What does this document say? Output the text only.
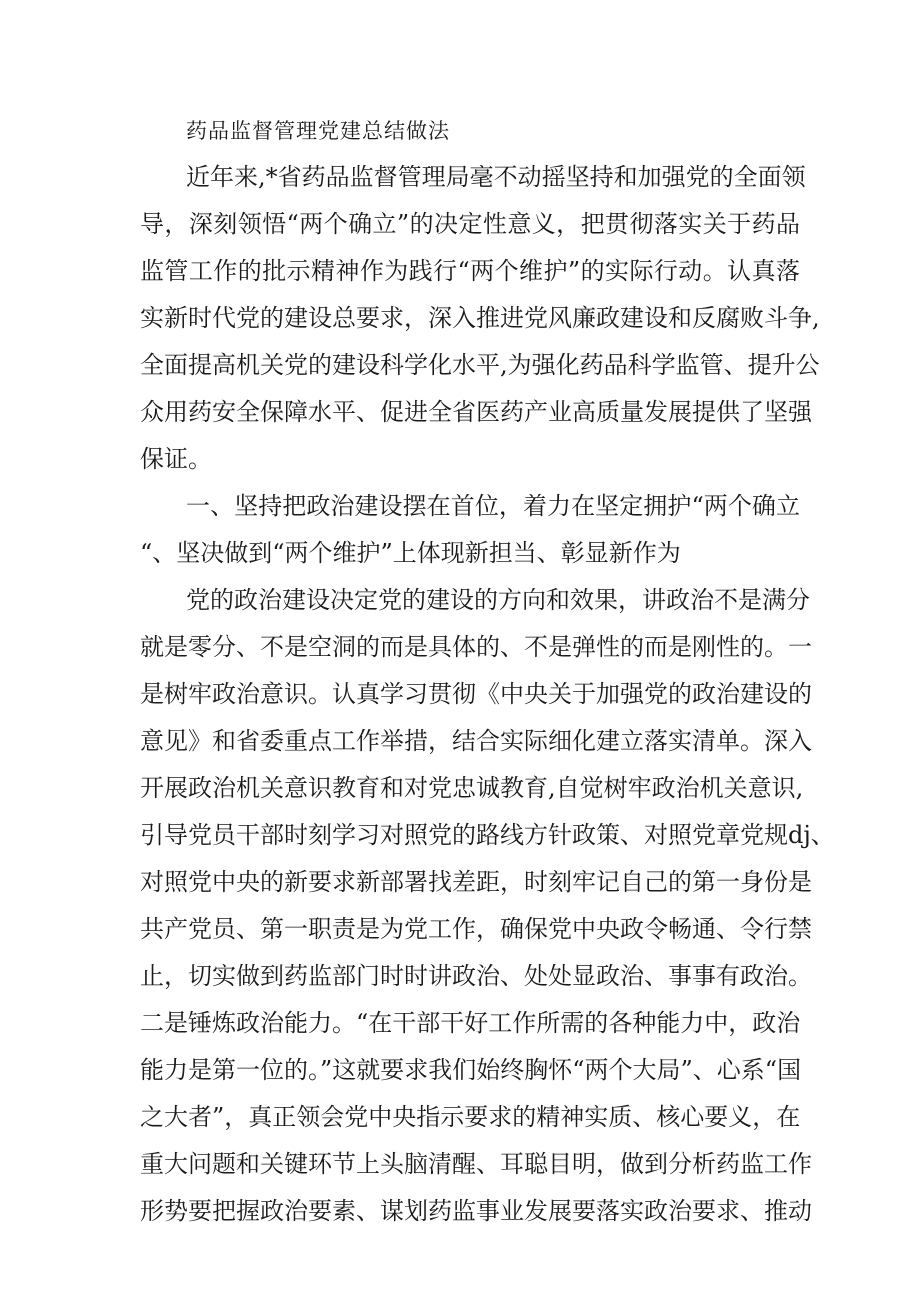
药品监督管理党建总结做法
近年来,*省药品监督管理局毫不动摇坚持和加强党的全面领
导，深刻领悟“两个确立”的决定性意义，把贯彻落实关于药品
监管工作的批示精神作为践行“两个维护”的实际行动。认真落
实新时代党的建设总要求，深入推进党风廉政建设和反腐败斗争,
全面提高机关党的建设科学化水平,为强化药品科学监管、提升公
众用药安全保障水平、促进全省医药产业高质量发展提供了坚强
保证。
一、坚持把政治建设摆在首位，着力在坚定拥护“两个确立
“、坚决做到“两个维护”上体现新担当、彰显新作为
党的政治建设决定党的建设的方向和效果，讲政治不是满分
就是零分、不是空洞的而是具体的、不是弹性的而是刚性的。一
是树牢政治意识。认真学习贯彻《中央关于加强党的政治建设的
意见》和省委重点工作举措，结合实际细化建立落实清单。深入
开展政治机关意识教育和对党忠诚教育,自觉树牢政治机关意识,
引导党员干部时刻学习对照党的路线方针政策、对照党章党规dj、
对照党中央的新要求新部署找差距，时刻牢记自己的第一身份是
共产党员、第一职责是为党工作，确保党中央政令畅通、令行禁
止，切实做到药监部门时时讲政治、处处显政治、事事有政治。
二是锤炼政治能力。“在干部干好工作所需的各种能力中，政治
能力是第一位的。”这就要求我们始终胸怀“两个大局”、心系“国
之大者”，真正领会党中央指示要求的精神实质、核心要义，在
重大问题和关键环节上头脑清醒、耳聪目明，做到分析药监工作
形势要把握政治要素、谋划药监事业发展要落实政治要求、推动
